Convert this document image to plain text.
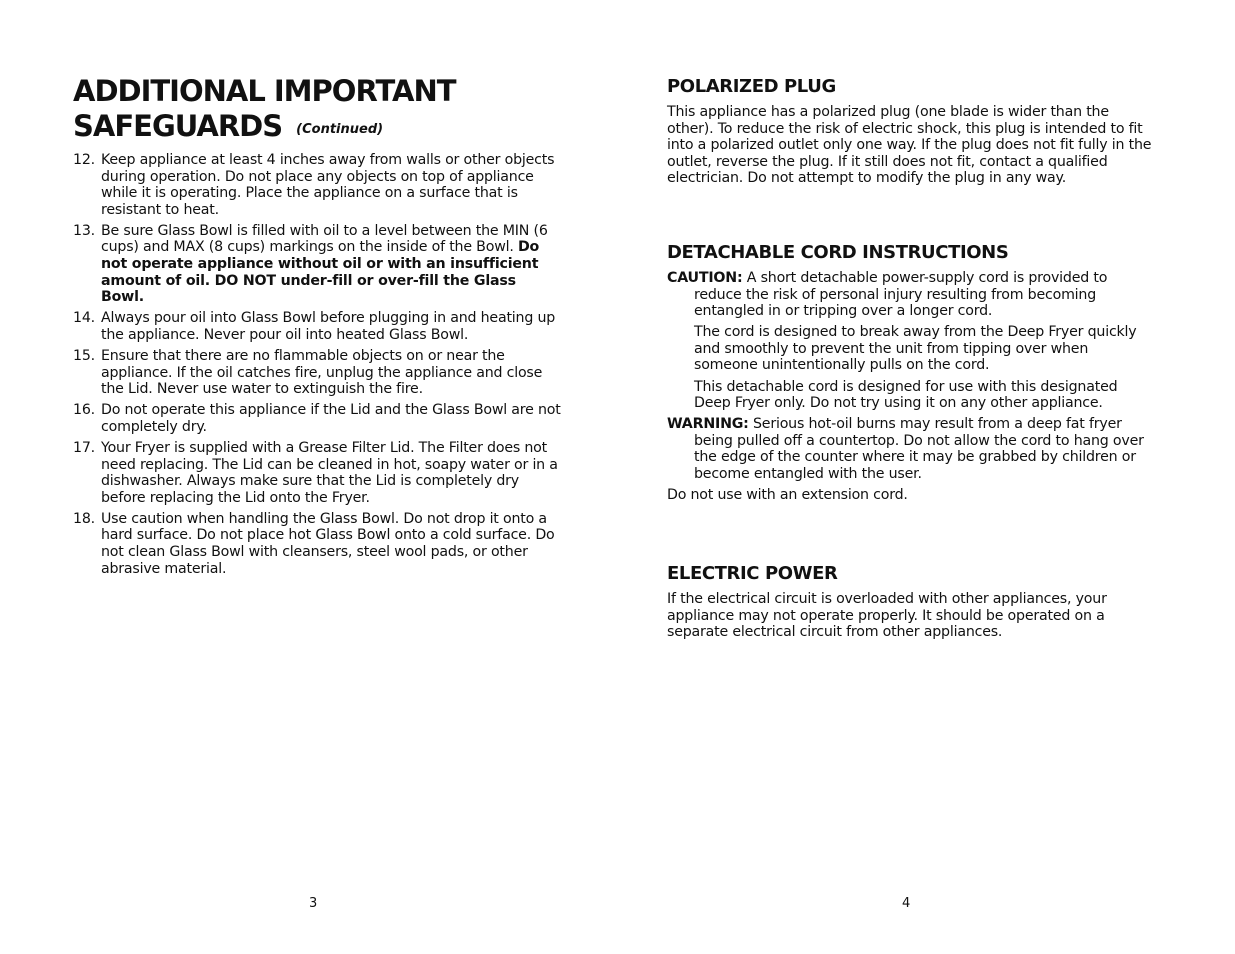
ADDITIONAL IMPORTANT
SAFEGUARDS (Continued)
12. Keep appliance at least 4 inches away from walls or other objects during operation. Do not place any objects on top of appliance while it is operating. Place the appliance on a surface that is resistant to heat.
13. Be sure Glass Bowl is filled with oil to a level between the MIN (6 cups) and MAX (8 cups) markings on the inside of the Bowl. Do not operate appliance without oil or with an insufficient amount of oil. DO NOT under-fill or over-fill the Glass Bowl.
14. Always pour oil into Glass Bowl before plugging in and heating up the appliance. Never pour oil into heated Glass Bowl.
15. Ensure that there are no flammable objects on or near the appliance. If the oil catches fire, unplug the appliance and close the Lid. Never use water to extinguish the fire.
16. Do not operate this appliance if the Lid and the Glass Bowl are not completely dry.
17. Your Fryer is supplied with a Grease Filter Lid. The Filter does not need replacing. The Lid can be cleaned in hot, soapy water or in a dishwasher. Always make sure that the Lid is completely dry before replacing the Lid onto the Fryer.
18. Use caution when handling the Glass Bowl. Do not drop it onto a hard surface. Do not place hot Glass Bowl onto a cold surface. Do not clean Glass Bowl with cleansers, steel wool pads, or other abrasive material.
3
POLARIZED PLUG

This appliance has a polarized plug (one blade is wider than the other). To reduce the risk of electric shock, this plug is intended to fit into a polarized outlet only one way. If the plug does not fit fully in the outlet, reverse the plug. If it still does not fit, contact a qualified electrician. Do not attempt to modify the plug in any way.

DETACHABLE CORD INSTRUCTIONS

CAUTION: A short detachable power-supply cord is provided to reduce the risk of personal injury resulting from becoming entangled in or tripping over a longer cord.

The cord is designed to break away from the Deep Fryer quickly and smoothly to prevent the unit from tipping over when someone unintentionally pulls on the cord.

This detachable cord is designed for use with this designated Deep Fryer only. Do not try using it on any other appliance.

WARNING: Serious hot-oil burns may result from a deep fat fryer being pulled off a countertop. Do not allow the cord to hang over the edge of the counter where it may be grabbed by children or become entangled with the user.

Do not use with an extension cord.

ELECTRIC POWER

If the electrical circuit is overloaded with other appliances, your appliance may not operate properly. It should be operated on a separate electrical circuit from other appliances.

4
